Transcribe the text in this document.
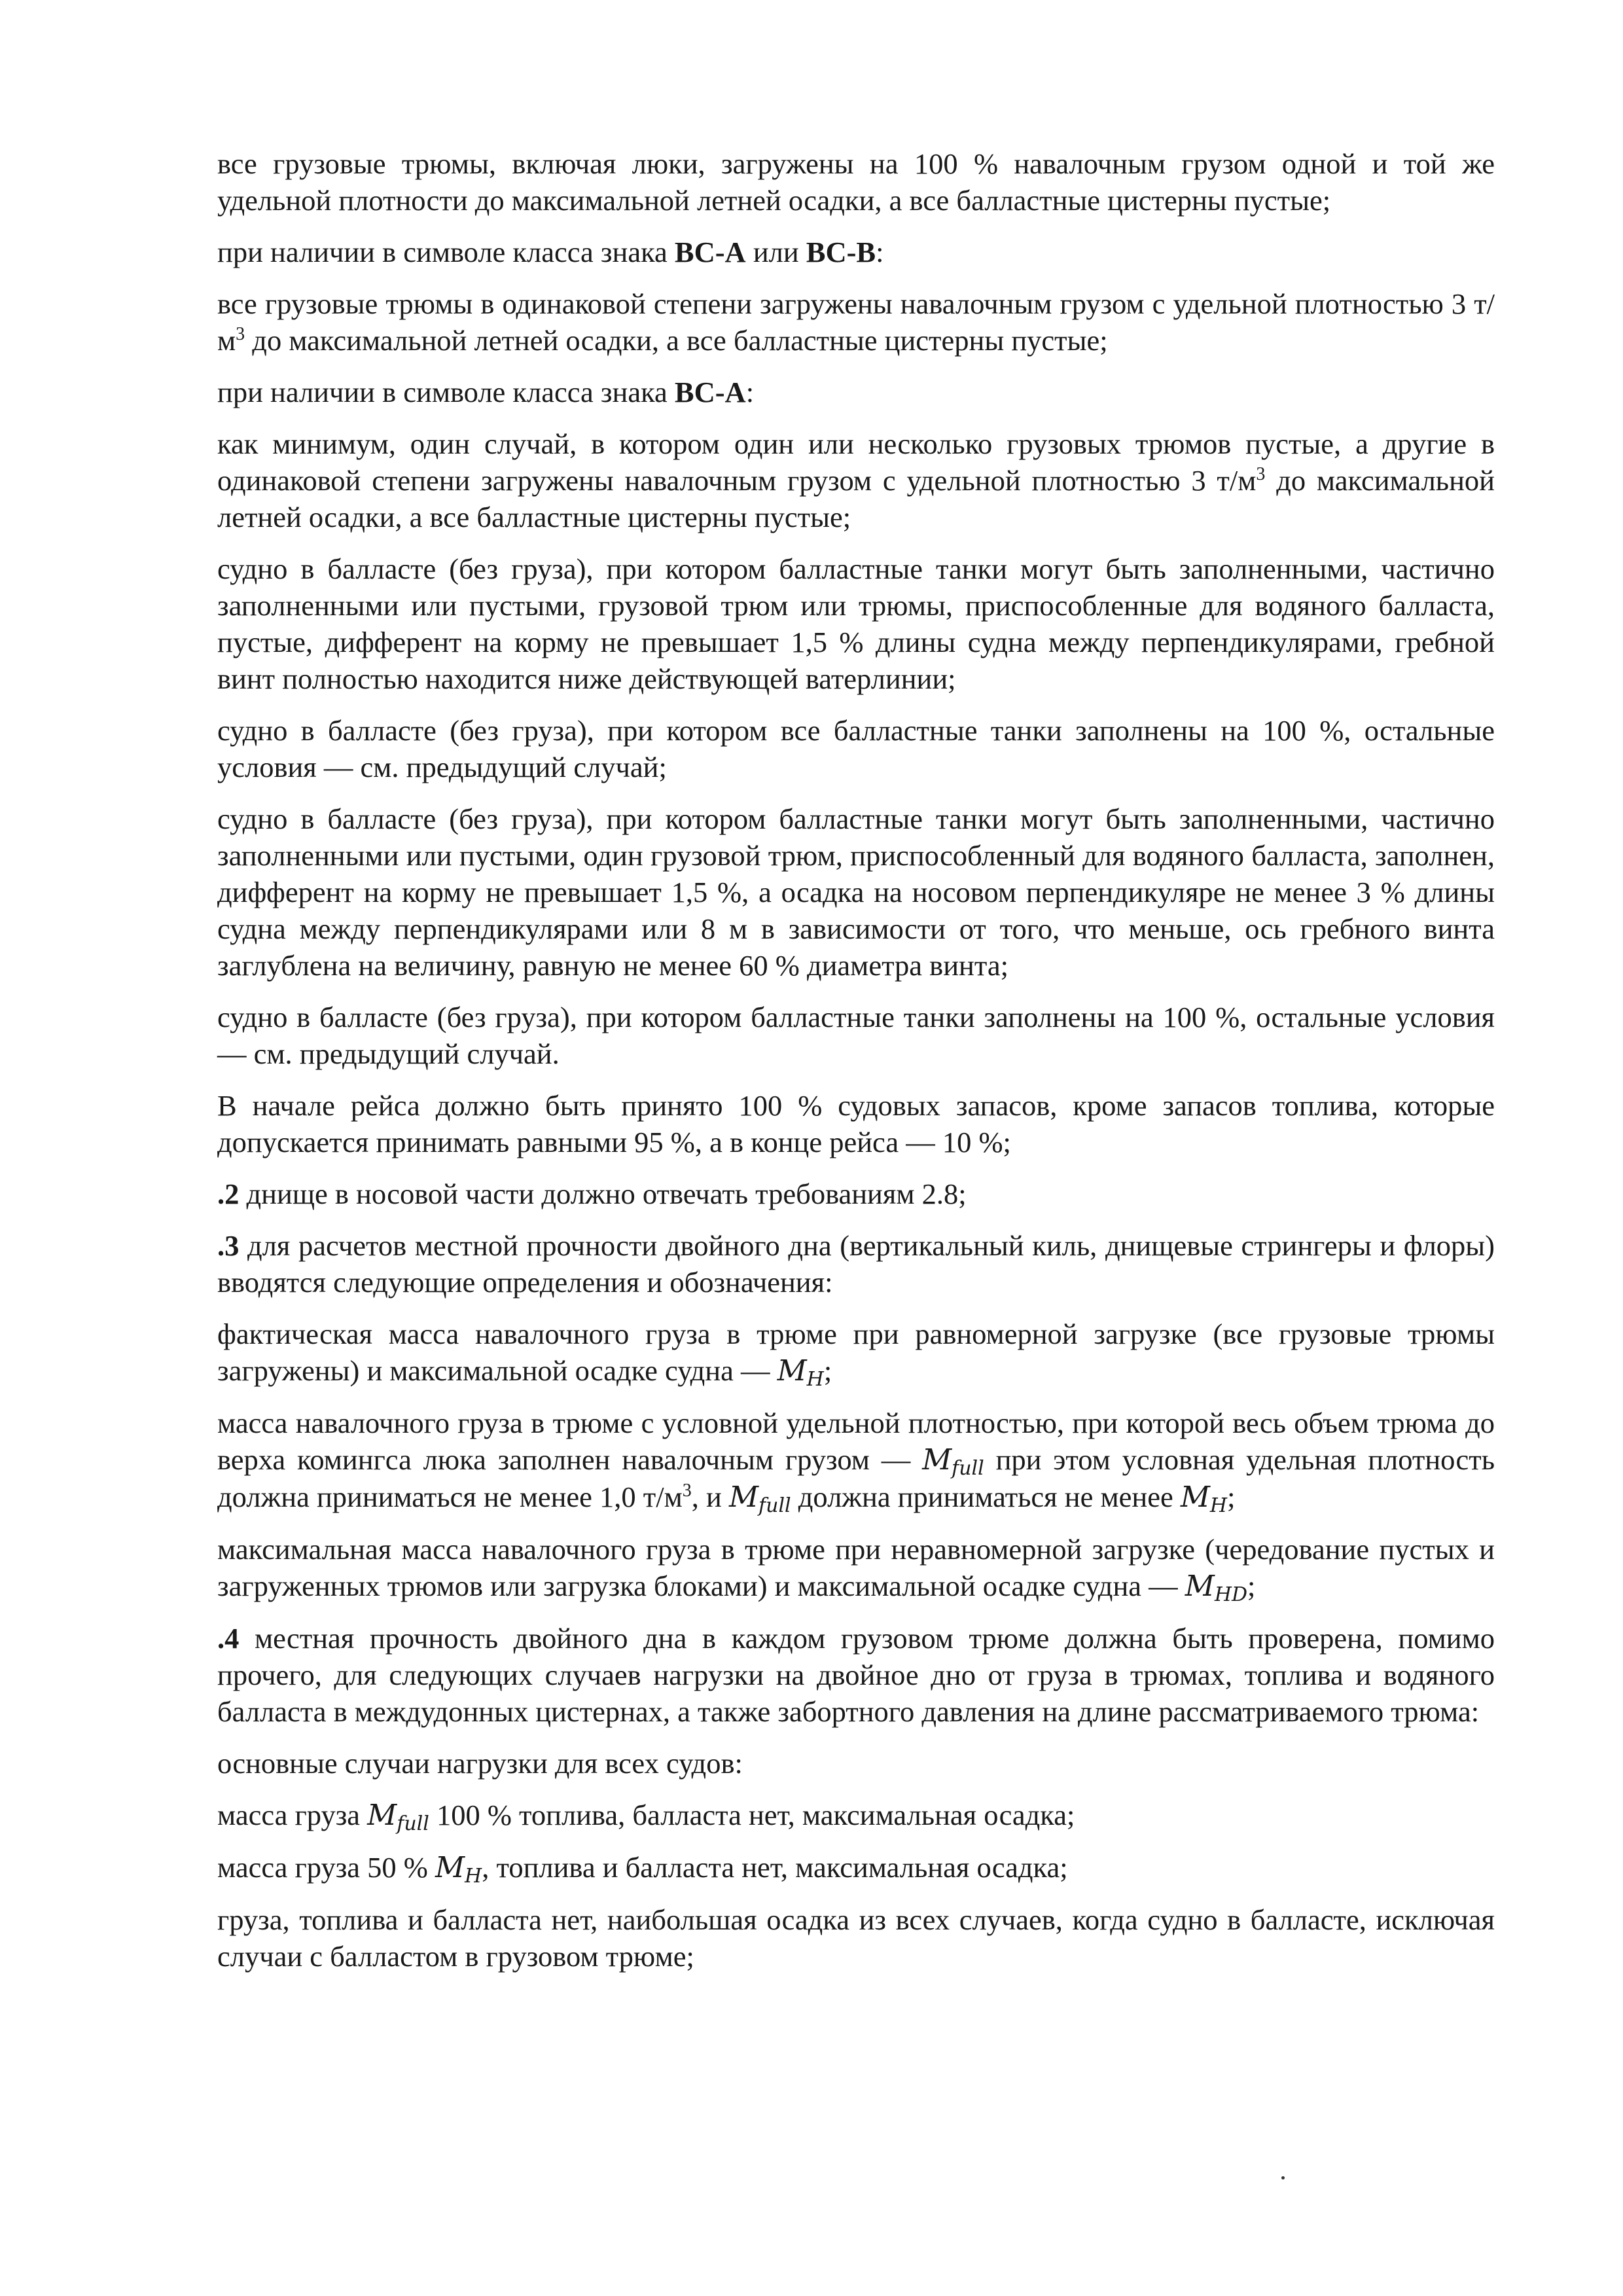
все грузовые трюмы, включая люки, загружены на 100 % навалочным грузом одной и той же удельной плотности до максимальной летней осадки, а все балластные цистерны пустые;

при наличии в символе класса знака BC-A или BC-B:

все грузовые трюмы в одинаковой степени загружены навалочным грузом с удельной плотностью 3 $т/м^3$ до максимальной летней осадки, а все балластные цистерны пустые;

при наличии в символе класса знака BC-A:

как минимум, один случай, в котором один или несколько грузовых трюмов пустые, а другие в одинаковой степени загружены навалочным грузом с удельной плотностью 3 $т/м^3$ до максимальной летней осадки, а все балластные цистерны пустые;

судно в балласте (без груза), при котором балластные танки могут быть заполненными, частично заполненными или пустыми, грузовой трюм или трюмы, приспособленные для водяного балласта, пустые, дифферент на корму не превышает 1,5 % длины судна между перпендикулярами, гребной винт полностью находится ниже действующей ватерлинии;

судно в балласте (без груза), при котором все балластные танки заполнены на 100 %, остальные условия — см. предыдущий случай;

судно в балласте (без груза), при котором балластные танки могут быть заполненными, частично заполненными или пустыми, один грузовой трюм, приспособленный для водяного балласта, заполнен, дифферент на корму не превышает 1,5 %, а осадка на носовом перпендикуляре не менее 3 % длины судна между перпендикулярами или 8 м в зависимости от того, что меньше, ось гребного винта заглублена на величину, равную не менее 60 % диаметра винта;

судно в балласте (без груза), при котором балластные танки заполнены на 100 %, остальные условия — см. предыдущий случай.

В начале рейса должно быть принято 100 % судовых запасов, кроме запасов топлива, которые допускается принимать равными 95 %, а в конце рейса — 10 %;

.2 днище в носовой части должно отвечать требованиям 2.8;

.3 для расчетов местной прочности двойного дна (вертикальный киль, днищевые стрингеры и флоры) вводятся следующие определения и обозначения:

фактическая масса навалочного груза в трюме при равномерной загрузке (все грузовые трюмы загружены) и максимальной осадке судна — $M_H$;

масса навалочного груза в трюме с условной удельной плотностью, при которой весь объем трюма до верха комингса люка заполнен навалочным грузом — $M_{full}$ при этом условная удельная плотность должна приниматься не менее 1,0 $т/м^3$, и $M_{full}$ должна приниматься не менее $M_H$;

максимальная масса навалочного груза в трюме при неравномерной загрузке (чередование пустых и загруженных трюмов или загрузка блоками) и максимальной осадке судна — $M_{HD}$;

.4 местная прочность двойного дна в каждом грузовом трюме должна быть проверена, помимо прочего, для следующих случаев нагрузки на двойное дно от груза в трюмах, топлива и водяного балласта в междудонных цистернах, а также забортного давления на длине рассматриваемого трюма:

основные случаи нагрузки для всех судов:

масса груза $M_{full}$ 100 % топлива, балласта нет, максимальная осадка;

масса груза 50 % $M_H$, топлива и балласта нет, максимальная осадка;

груза, топлива и балласта нет, наибольшая осадка из всех случаев, когда судно в балласте, исключая случаи с балластом в грузовом трюме;
